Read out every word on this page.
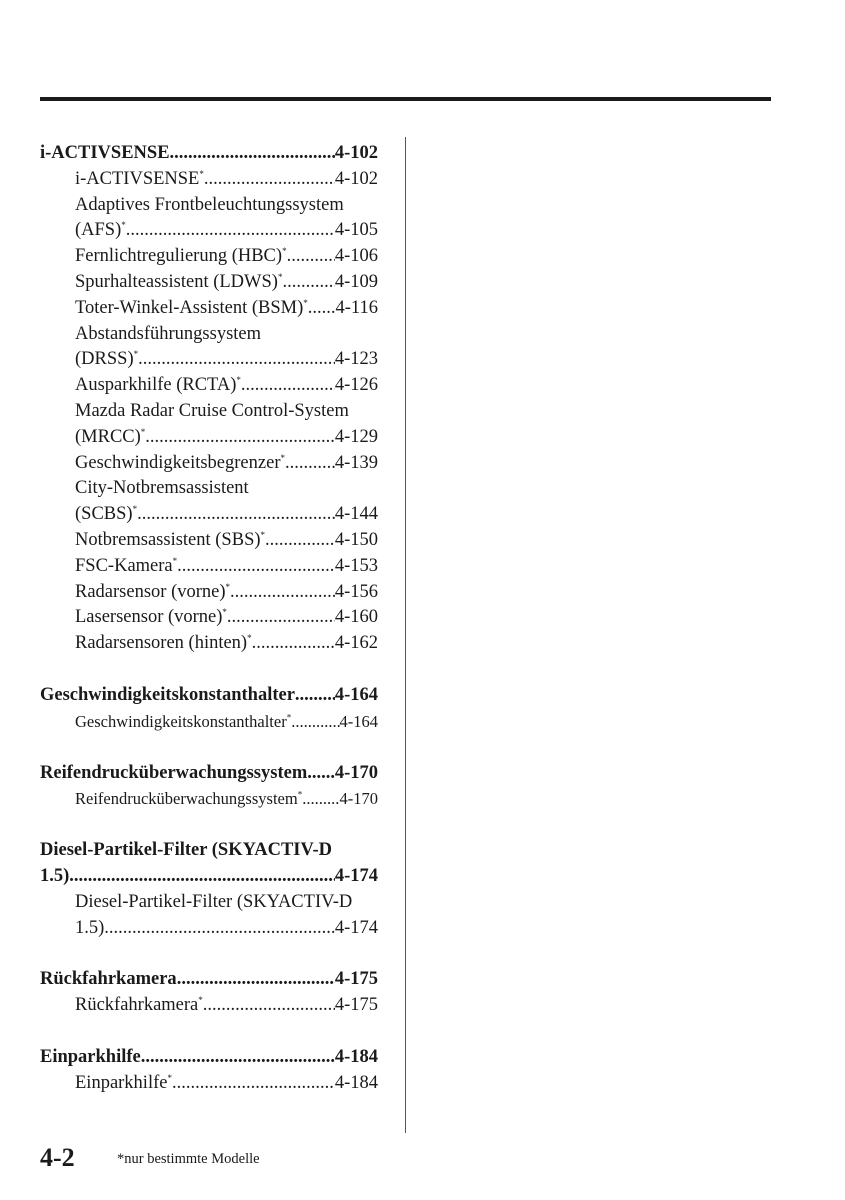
i-ACTIVSENSE .....	4-102
i-ACTIVSENSE* .....	4-102
Adaptives Frontbeleuchtungssystem
(AFS)* .....	4-105
Fernlichtregulierung (HBC)* .....	4-106
Spurhalteassistent (LDWS)* .....	4-109
Toter-Winkel-Assistent (BSM)* ..... 4-116
Abstandsführungssystem
(DRSS)* .....	4-123
Ausparkhilfe (RCTA)* .....	4-126
Mazda Radar Cruise Control-System
(MRCC)* .....	4-129
Geschwindigkeitsbegrenzer* .....	4-139
City-Notbremsassistent
(SCBS)* .....	4-144
Notbremsassistent (SBS)* .....	4-150
FSC-Kamera* .....	4-153
Radarsensor (vorne)* .....	4-156
Lasersensor (vorne)* .....	4-160
Radarsensoren (hinten)* .....	4-162
Geschwindigkeitskonstanthalter ..... 4-164
Geschwindigkeitskonstanthalter* .....	4-164
Reifendrucküberwachungssystem ..... 4-170
Reifendrucküberwachungssystem* ..... 4-170
Diesel-Partikel-Filter (SKYACTIV-D
1.5) .....	4-174
Diesel-Partikel-Filter (SKYACTIV-D
1.5) .....	4-174
Rückfahrkamera .....	4-175
Rückfahrkamera* .....	4-175
Einparkhilfe .....	4-184
Einparkhilfe* .....	4-184
4-2	*nur bestimmte Modelle
